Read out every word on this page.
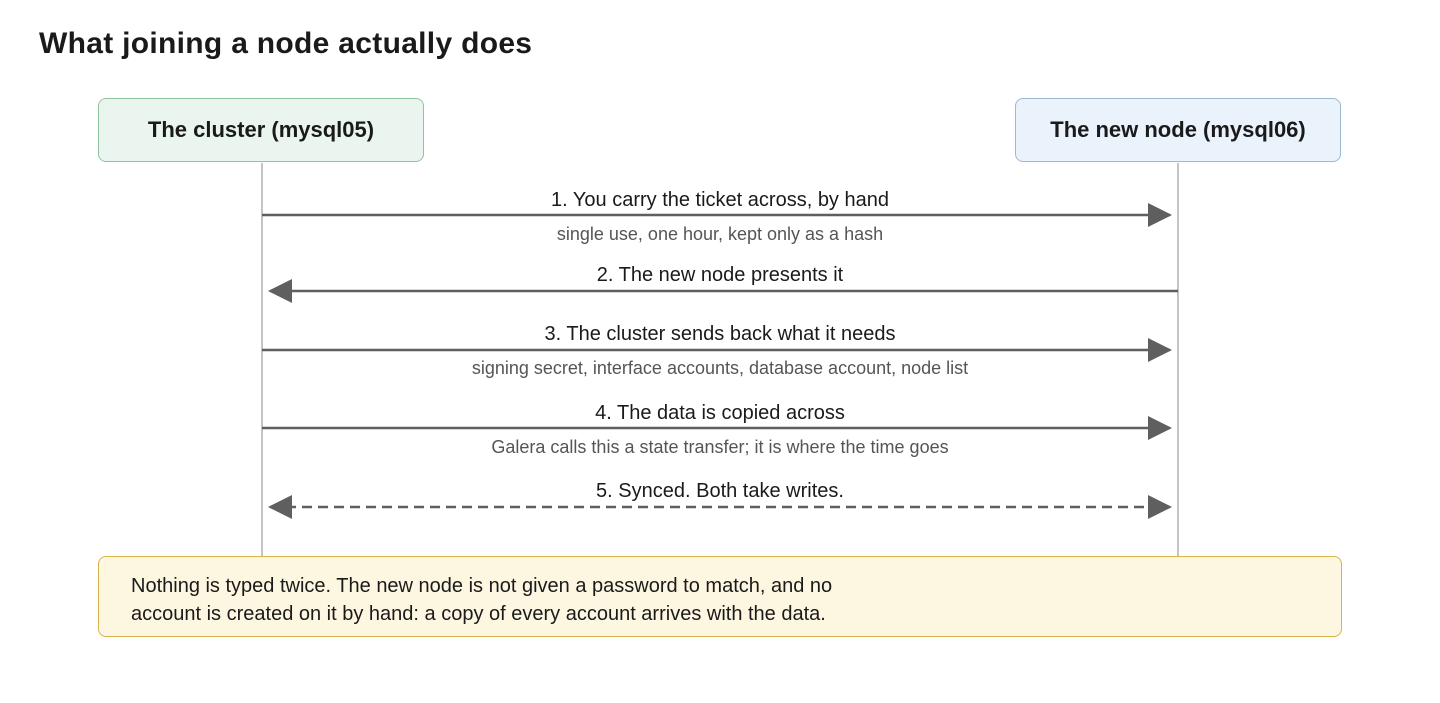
What joining a node actually does
1. You carry the ticket across, by hand
single use, one hour, kept only as a hash
2. The new node presents it
3. The cluster sends back what it needs
signing secret, interface accounts, database account, node list
4. The data is copied across
Galera calls this a state transfer; it is where the time goes
5. Synced. Both take writes.
The cluster (mysql05)	The new node (mysql06)
Nothing is typed twice. The new node is not given a password to match, and no account is created on it by hand: a copy of every account arrives with the data.
